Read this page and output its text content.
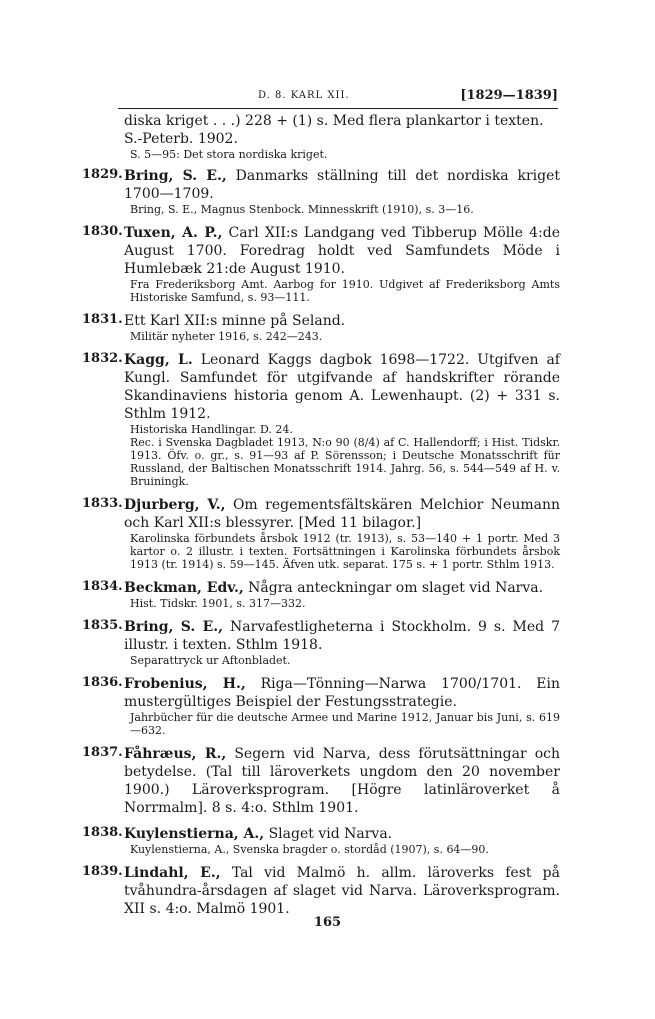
D. 8. KARL XII.	[1829—1839]
diska kriget . . .) 228 + (1) s. Med flera plankartor i texten. S.-Peterb. 1902.
S. 5—95: Det stora nordiska kriget.
1829. Bring, S. E., Danmarks ställning till det nordiska kriget 1700—1709.
Bring, S. E., Magnus Stenbock. Minnesskrift (1910), s. 3—16.
1830. Tuxen, A. P., Carl XII:s Landgang ved Tibberup Mölle 4:de August 1700. Foredrag holdt ved Samfundets Möde i Humlebæk 21:de August 1910.
Fra Frederiksborg Amt. Aarbog for 1910. Udgivet af Frederiksborg Amts Historiske Samfund, s. 93—111.
1831. Ett Karl XII:s minne på Seland.
Militär nyheter 1916, s. 242—243.
1832. Kagg, L. Leonard Kaggs dagbok 1698—1722. Utgifven af Kungl. Samfundet för utgifvande af handskrifter rörande Skandinaviens historia genom A. Lewenhaupt. (2) + 331 s. Sthlm 1912.
Historiska Handlingar. D. 24.
Rec. i Svenska Dagbladet 1913, N:o 90 (8/4) af C. Hallendorff; i Hist. Tidskr. 1913. Öfv. o. gr., s. 91—93 af P. Sörensson; i Deutsche Monatsschrift für Russland, der Baltischen Monatsschrift 1914. Jahrg. 56, s. 544—549 af H. v. Bruiningk.
1833. Djurberg, V., Om regementsfältskären Melchior Neumann och Karl XII:s blessyrer. [Med 11 bilagor.]
Karolinska förbundets årsbok 1912 (tr. 1913), s. 53—140 + 1 portr. Med 3 kartor o. 2 illustr. i texten. Fortsättningen i Karolinska förbundets årsbok 1913 (tr. 1914) s. 59—145. Äfven utk. separat. 175 s. + 1 portr. Sthlm 1913.
1834. Beckman, Edv., Några anteckningar om slaget vid Narva.
Hist. Tidskr. 1901, s. 317—332.
1835. Bring, S. E., Narvafestligheterna i Stockholm. 9 s. Med 7 illustr. i texten. Sthlm 1918.
Separattryck ur Aftonbladet.
1836. Frobenius, H., Riga—Tönning—Narwa 1700/1701. Ein mustergültiges Beispiel der Festungsstrategie.
Jahrbücher für die deutsche Armee und Marine 1912, Januar bis Juni, s. 619—632.
1837. Fåhræus, R., Segern vid Narva, dess förutsättningar och betydelse. (Tal till läroverkets ungdom den 20 november 1900.) Läroverksprogram. [Högre latinläroverket å Norrmalm]. 8 s. 4:o. Sthlm 1901.
1838. Kuylenstierna, A., Slaget vid Narva.
Kuylenstierna, A., Svenska bragder o. stordåd (1907), s. 64—90.
1839. Lindahl, E., Tal vid Malmö h. allm. läroverks fest på tvåhundra-årsdagen af slaget vid Narva. Läroverksprogram. XII s. 4:o. Malmö 1901.
165
